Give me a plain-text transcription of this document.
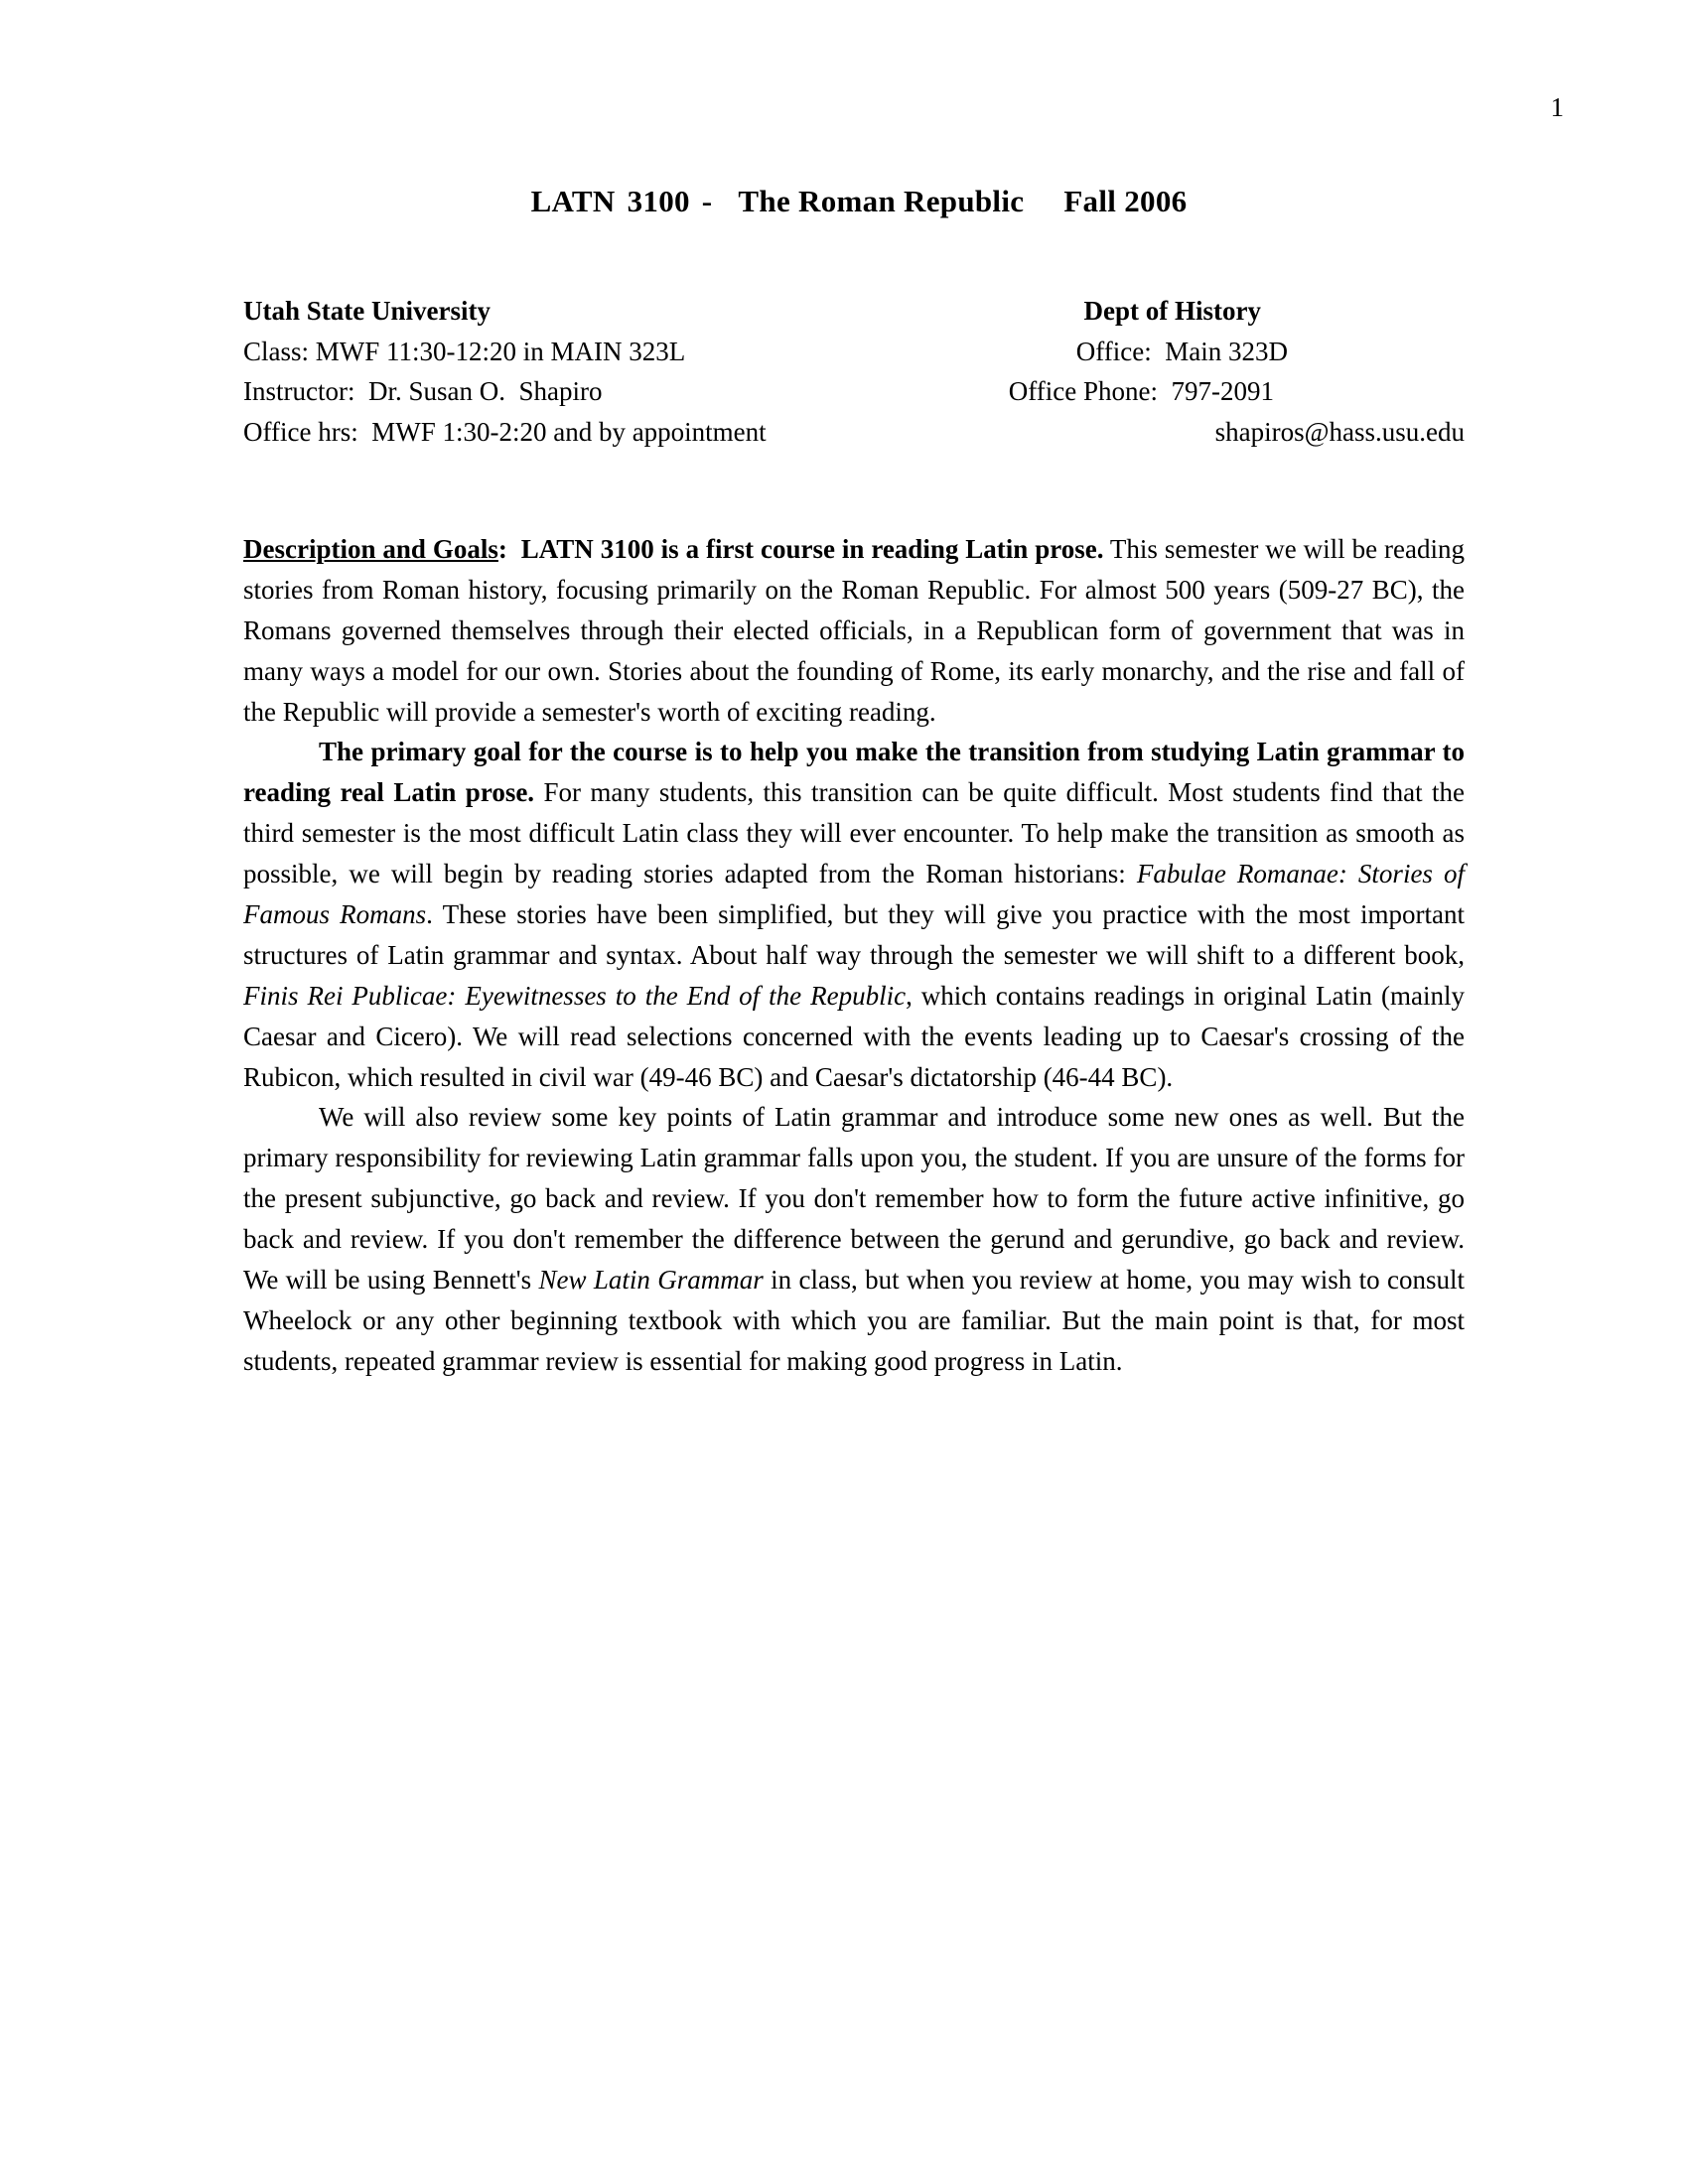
1
LATN 3100 - The Roman Republic Fall 2006
Utah State University	Dept of History
Class: MWF 11:30-12:20 in MAIN 323L	Office:  Main 323D
Instructor:  Dr. Susan O.  Shapiro	Office Phone:  797-2091
Office hrs:  MWF 1:30-2:20 and by appointment	shapiros@hass.usu.edu

Description and Goals: LATN 3100 is a first course in reading Latin prose. This semester we will be reading stories from Roman history, focusing primarily on the Roman Republic. For almost 500 years (509-27 BC), the Romans governed themselves through their elected officials, in a Republican form of government that was in many ways a model for our own. Stories about the founding of Rome, its early monarchy, and the rise and fall of the Republic will provide a semester's worth of exciting reading.

The primary goal for the course is to help you make the transition from studying Latin grammar to reading real Latin prose. For many students, this transition can be quite difficult. Most students find that the third semester is the most difficult Latin class they will ever encounter. To help make the transition as smooth as possible, we will begin by reading stories adapted from the Roman historians: Fabulae Romanae: Stories of Famous Romans. These stories have been simplified, but they will give you practice with the most important structures of Latin grammar and syntax. About half way through the semester we will shift to a different book, Finis Rei Publicae: Eyewitnesses to the End of the Republic, which contains readings in original Latin (mainly Caesar and Cicero). We will read selections concerned with the events leading up to Caesar's crossing of the Rubicon, which resulted in civil war (49-46 BC) and Caesar's dictatorship (46-44 BC).

We will also review some key points of Latin grammar and introduce some new ones as well. But the primary responsibility for reviewing Latin grammar falls upon you, the student. If you are unsure of the forms for the present subjunctive, go back and review. If you don't remember how to form the future active infinitive, go back and review. If you don't remember the difference between the gerund and gerundive, go back and review. We will be using Bennett's New Latin Grammar in class, but when you review at home, you may wish to consult Wheelock or any other beginning textbook with which you are familiar. But the main point is that, for most students, repeated grammar review is essential for making good progress in Latin.
